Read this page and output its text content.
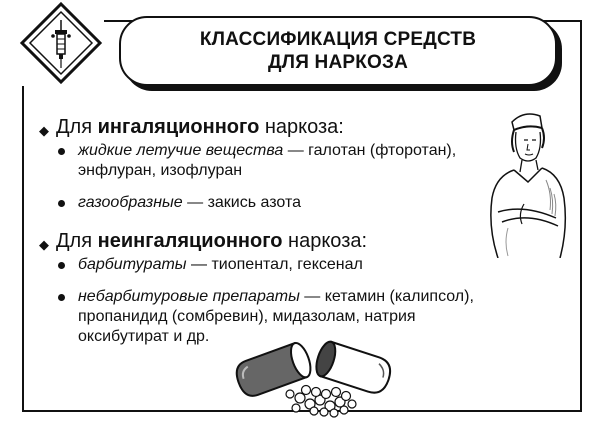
КЛАССИФИКАЦИЯ СРЕДСТВ
ДЛЯ НАРКОЗА
◆ Для ингаляционного наркоза:
жидкие летучие вещества — галотан (фторотан), энфлуран, изофлуран
газообразные — закись азота
◆ Для неингаляционного наркоза:
барбитураты — тиопентал, гексенал
небарбитуровые препараты — кетамин (калипсол), пропанидид (сомбревин), мидазолам, натрия оксибутират и др.
